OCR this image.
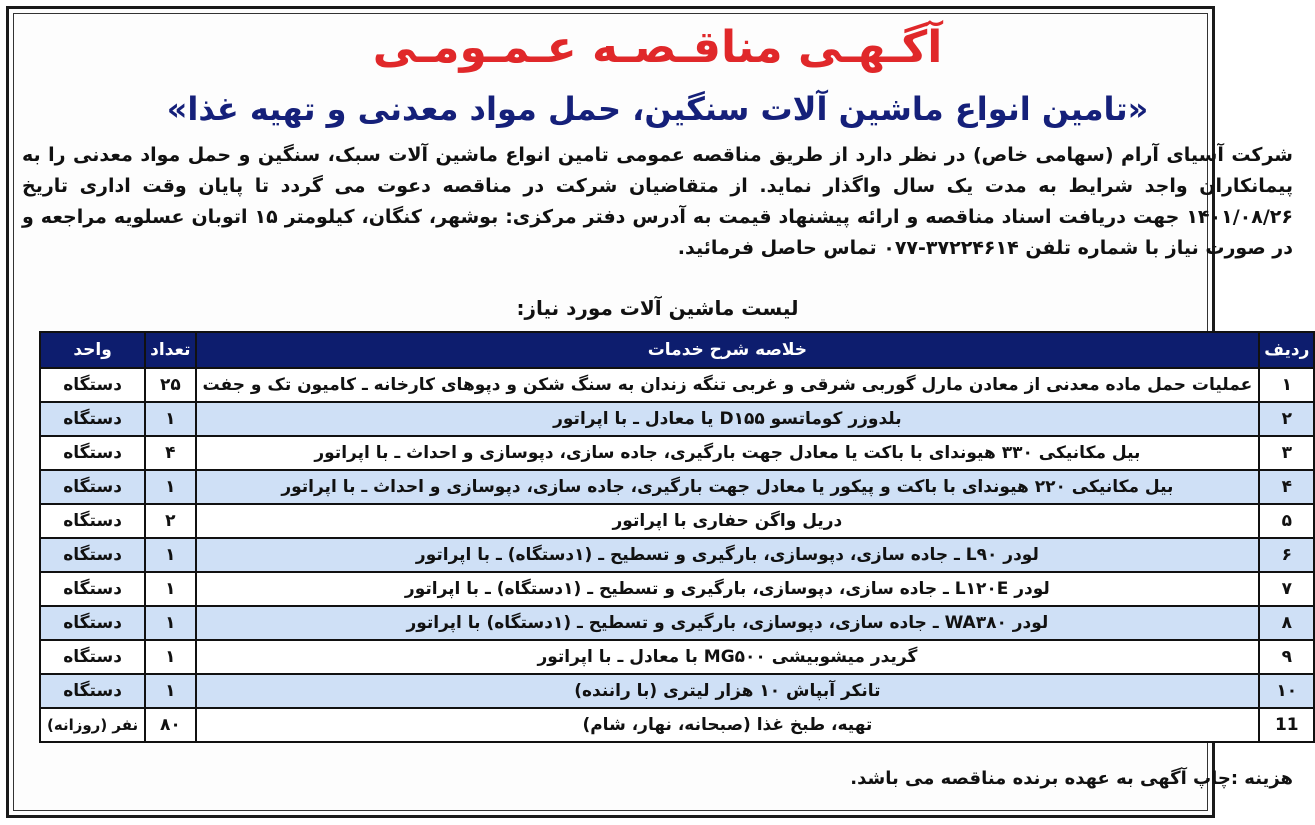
آگـهـی مناقـصـه عـمـومـی
«تامین انواع ماشین آلات سنگین، حمل مواد معدنی و تهیه غذا»
شرکت آسیای آرام (سهامی خاص) در نظر دارد از طریق مناقصه عمومی تامین انواع ماشین آلات سبک، سنگین و حمل مواد معدنی را به پیمانکاران واجد شرایط به مدت یک سال واگذار نماید. از متقاضیان شرکت در مناقصه دعوت می گردد تا پایان وقت اداری تاریخ ۱۴۰۱/۰۸/۲۶ جهت دریافت اسناد مناقصه و ارائه پیشنهاد قیمت به آدرس دفتر مرکزی: بوشهر، کنگان، کیلومتر ۱۵ اتوبان عسلویه مراجعه و در صورت نیاز با شماره تلفن ۳۷۲۲۴۶۱۴-۰۷۷ تماس حاصل فرمائید.
لیست ماشین آلات مورد نیاز:
ردیف	خلاصه شرح خدمات	تعداد	واحد
۱	عملیات حمل ماده معدنی از معادن مارل گوربی شرقی و غربی تنگه زندان به سنگ شکن و دپوهای کارخانه ـ کامیون تک و جفت	۲۵	دستگاه
۲	بلدوزر کوماتسو D۱۵۵ یا معادل ـ با اپراتور	۱	دستگاه
۳	بیل مکانیکی ۳۳۰ هیوندای با باکت یا معادل جهت بارگیری، جاده سازی، دپوسازی و احداث ـ با اپراتور	۴	دستگاه
۴	بیل مکانیکی ۲۲۰ هیوندای با باکت و پیکور یا معادل جهت بارگیری، جاده سازی، دپوسازی و احداث ـ با اپراتور	۱	دستگاه
۵	دریل واگن حفاری با اپراتور	۲	دستگاه
۶	لودر L۹۰ ـ جاده سازی، دپوسازی، بارگیری و تسطیح ـ (۱دستگاه) ـ با اپراتور	۱	دستگاه
۷	لودر L۱۲۰E ـ جاده سازی، دپوسازی، بارگیری و تسطیح ـ (۱دستگاه) ـ با اپراتور	۱	دستگاه
۸	لودر WA۳۸۰ ـ جاده سازی، دپوسازی، بارگیری و تسطیح ـ (۱دستگاه) با اپراتور	۱	دستگاه
۹	گریدر میشوبیشی MG۵۰۰ با معادل ـ با اپراتور	۱	دستگاه
۱۰	تانکر آبپاش ۱۰ هزار لیتری (با راننده)	۱	دستگاه
11	تهیه، طبخ غذا (صبحانه، نهار، شام)	۸۰	نفر (روزانه)
هزینه :چاپ آگهی به عهده برنده مناقصه می باشد.
